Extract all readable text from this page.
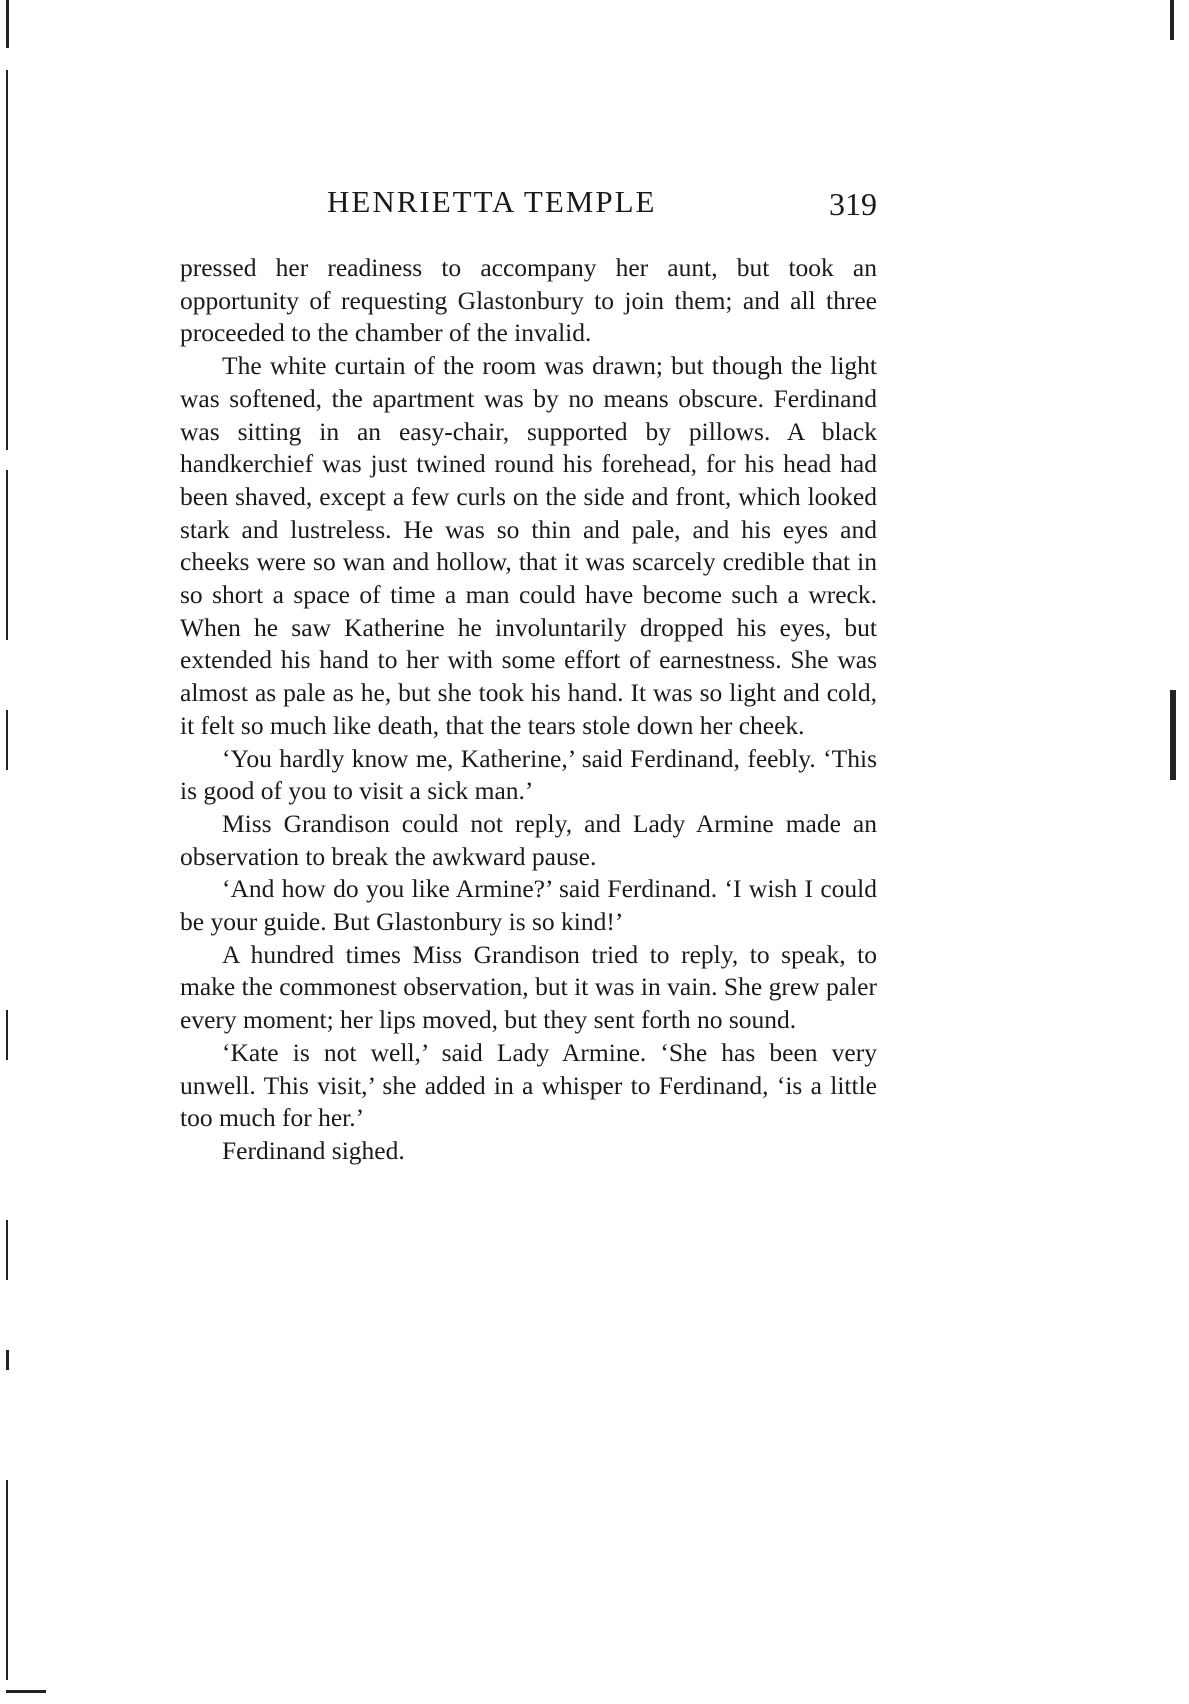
HENRIETTA TEMPLE	319

pressed her readiness to accompany her aunt, but took an opportunity of requesting Glastonbury to join them; and all three proceeded to the chamber of the invalid.

The white curtain of the room was drawn; but though the light was softened, the apartment was by no means obscure. Ferdinand was sitting in an easy-chair, supported by pillows. A black handkerchief was just twined round his forehead, for his head had been shaved, except a few curls on the side and front, which looked stark and lustreless. He was so thin and pale, and his eyes and cheeks were so wan and hollow, that it was scarcely credible that in so short a space of time a man could have become such a wreck. When he saw Katherine he involuntarily dropped his eyes, but extended his hand to her with some effort of earnestness. She was almost as pale as he, but she took his hand. It was so light and cold, it felt so much like death, that the tears stole down her cheek.

‘You hardly know me, Katherine,’ said Ferdinand, feebly. ‘This is good of you to visit a sick man.’

Miss Grandison could not reply, and Lady Armine made an observation to break the awkward pause.

‘And how do you like Armine?’ said Ferdinand. ‘I wish I could be your guide. But Glastonbury is so kind!’

A hundred times Miss Grandison tried to reply, to speak, to make the commonest observation, but it was in vain. She grew paler every moment; her lips moved, but they sent forth no sound.

‘Kate is not well,’ said Lady Armine. ‘She has been very unwell. This visit,’ she added in a whisper to Ferdinand, ‘is a little too much for her.’

Ferdinand sighed.
